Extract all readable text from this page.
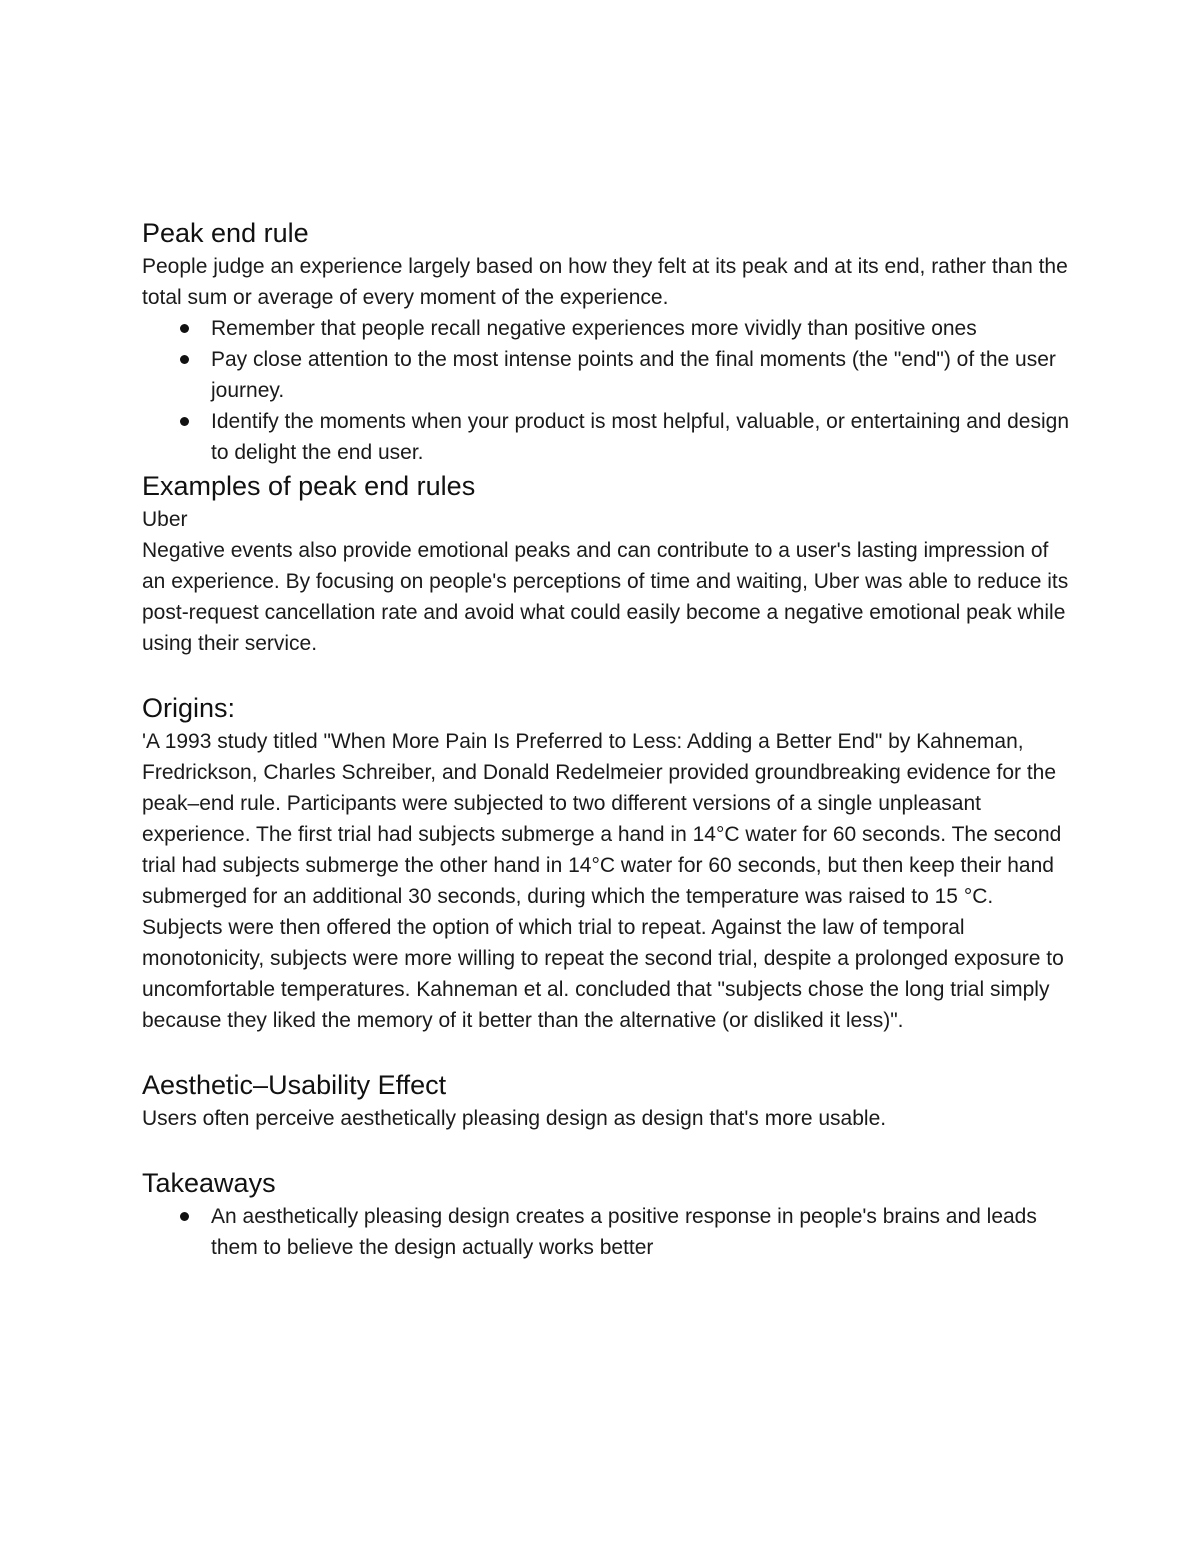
Peak end rule

People judge an experience largely based on how they felt at its peak and at its end, rather than the total sum or average of every moment of the experience.

Remember that people recall negative experiences more vividly than positive ones
Pay close attention to the most intense points and the final moments (the "end") of the user journey.
Identify the moments when your product is most helpful, valuable, or entertaining and design to delight the end user.
Examples of peak end rules

Uber

Negative events also provide emotional peaks and can contribute to a user's lasting impression of an experience. By focusing on people's perceptions of time and waiting, Uber was able to reduce its post-request cancellation rate and avoid what could easily become a negative emotional peak while using their service.

Origins:

'A 1993 study titled "When More Pain Is Preferred to Less: Adding a Better End" by Kahneman, Fredrickson, Charles Schreiber, and Donald Redelmeier provided groundbreaking evidence for the peak–end rule. Participants were subjected to two different versions of a single unpleasant experience. The first trial had subjects submerge a hand in 14°C water for 60 seconds. The second trial had subjects submerge the other hand in 14°C water for 60 seconds, but then keep their hand submerged for an additional 30 seconds, during which the temperature was raised to 15 °C. Subjects were then offered the option of which trial to repeat. Against the law of temporal monotonicity, subjects were more willing to repeat the second trial, despite a prolonged exposure to uncomfortable temperatures. Kahneman et al. concluded that "subjects chose the long trial simply because they liked the memory of it better than the alternative (or disliked it less)".

Aesthetic–Usability Effect

Users often perceive aesthetically pleasing design as design that's more usable.

Takeaways
An aesthetically pleasing design creates a positive response in people's brains and leads them to believe the design actually works better
